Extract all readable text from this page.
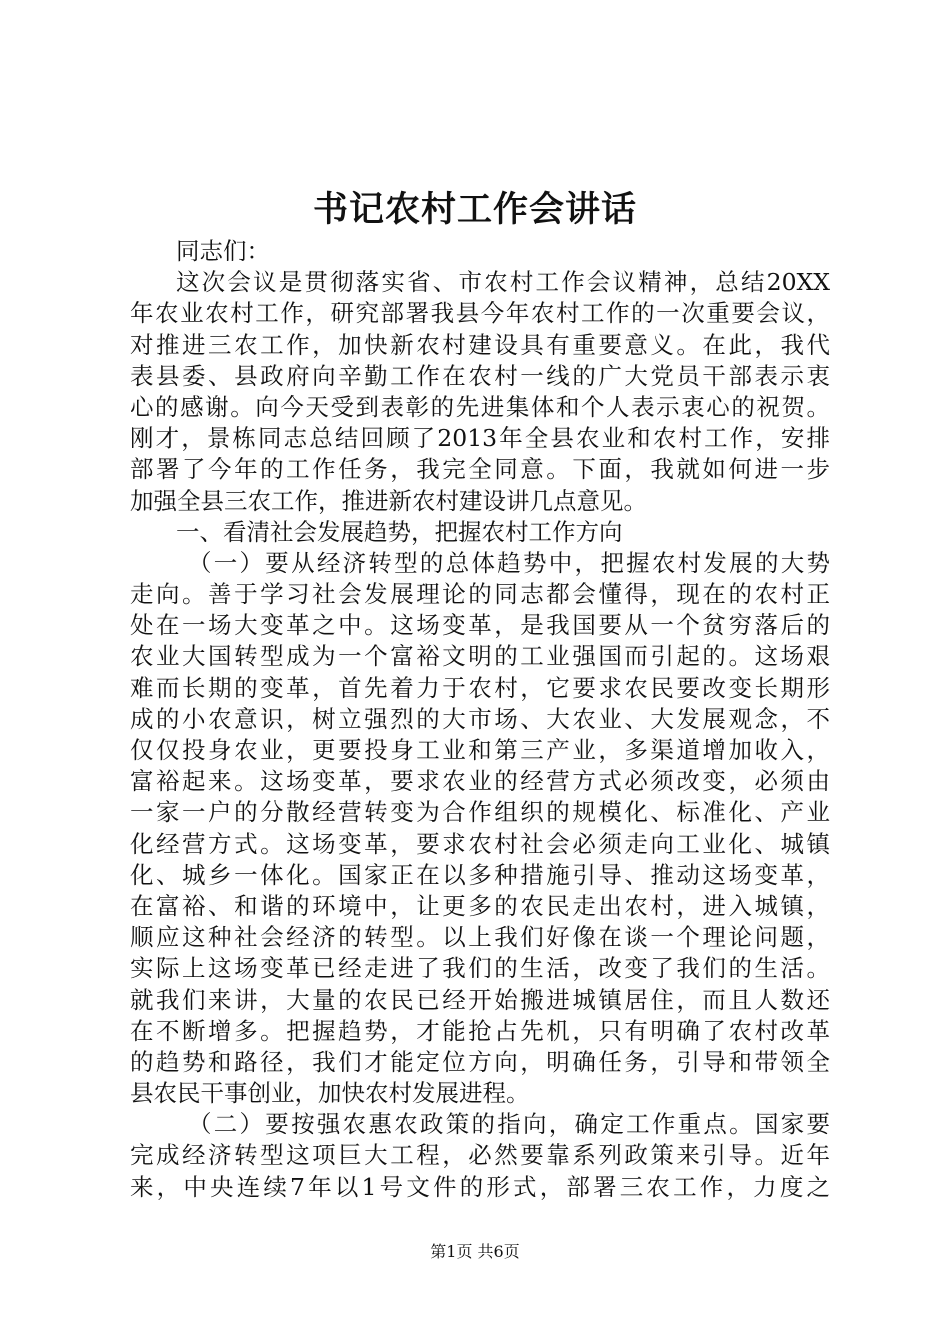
书记农村工作会讲话
同志们：
这次会议是贯彻落实省、市农村工作会议精神，总结20XX
年农业农村工作，研究部署我县今年农村工作的一次重要会议，
对推进三农工作，加快新农村建设具有重要意义。在此，我代
表县委、县政府向辛勤工作在农村一线的广大党员干部表示衷
心的感谢。向今天受到表彰的先进集体和个人表示衷心的祝贺。
刚才，景栋同志总结回顾了2013年全县农业和农村工作，安排
部署了今年的工作任务，我完全同意。下面，我就如何进一步
加强全县三农工作，推进新农村建设讲几点意见。
一、看清社会发展趋势，把握农村工作方向
（一）要从经济转型的总体趋势中，把握农村发展的大势
走向。善于学习社会发展理论的同志都会懂得，现在的农村正
处在一场大变革之中。这场变革，是我国要从一个贫穷落后的
农业大国转型成为一个富裕文明的工业强国而引起的。这场艰
难而长期的变革，首先着力于农村，它要求农民要改变长期形
成的小农意识，树立强烈的大市场、大农业、大发展观念，不
仅仅投身农业，更要投身工业和第三产业，多渠道增加收入，
富裕起来。这场变革，要求农业的经营方式必须改变，必须由
一家一户的分散经营转变为合作组织的规模化、标准化、产业
化经营方式。这场变革，要求农村社会必须走向工业化、城镇
化、城乡一体化。国家正在以多种措施引导、推动这场变革，
在富裕、和谐的环境中，让更多的农民走出农村，进入城镇，
顺应这种社会经济的转型。以上我们好像在谈一个理论问题，
实际上这场变革已经走进了我们的生活，改变了我们的生活。
就我们来讲，大量的农民已经开始搬进城镇居住，而且人数还
在不断增多。把握趋势，才能抢占先机，只有明确了农村改革
的趋势和路径，我们才能定位方向，明确任务，引导和带领全
县农民干事创业，加快农村发展进程。
（二）要按强农惠农政策的指向，确定工作重点。国家要
完成经济转型这项巨大工程，必然要靠系列政策来引导。近年
来，中央连续7年以1号文件的形式，部署三农工作，力度之
第1页 共6页
